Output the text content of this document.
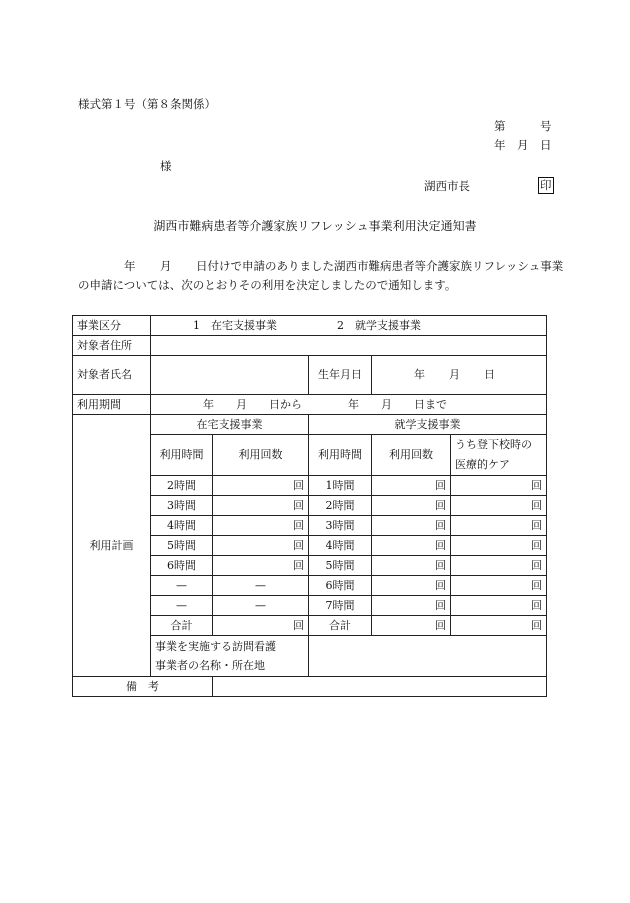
様式第１号（第８条関係）
第	号
年 月 日
様
湖西市長	印
湖西市難病患者等介護家族リフレッシュ事業利用決定通知書
年 月 日付けで申請のありました湖西市難病患者等介護家族リフレッシュ事業
の申請については、次のとおりその利用を決定しましたので通知します。
事業区分	1　在宅支援事業 2　就学支援事業				
対象者住所					
対象者氏名			生年月日	年 月 日	
利用期間	年 月 日から 年 月 日まで				
利用計画	在宅支援事業		就学支援事業		
	利用時間	利用回数	利用時間	利用回数	うち登下校時の
医療的ケア

	2時間	回	1時間	回	回
	3時間	回	2時間	回	回
	4時間	回	3時間	回	回
	5時間	回	4時間	回	回
	6時間	回	5時間	回	回
	—	—	6時間	回	回
	—	—	7時間	回	回
	合計	回	合計	回	回

	事業を実施する訪問看護
事業者の名称・所在地				

備　考					
